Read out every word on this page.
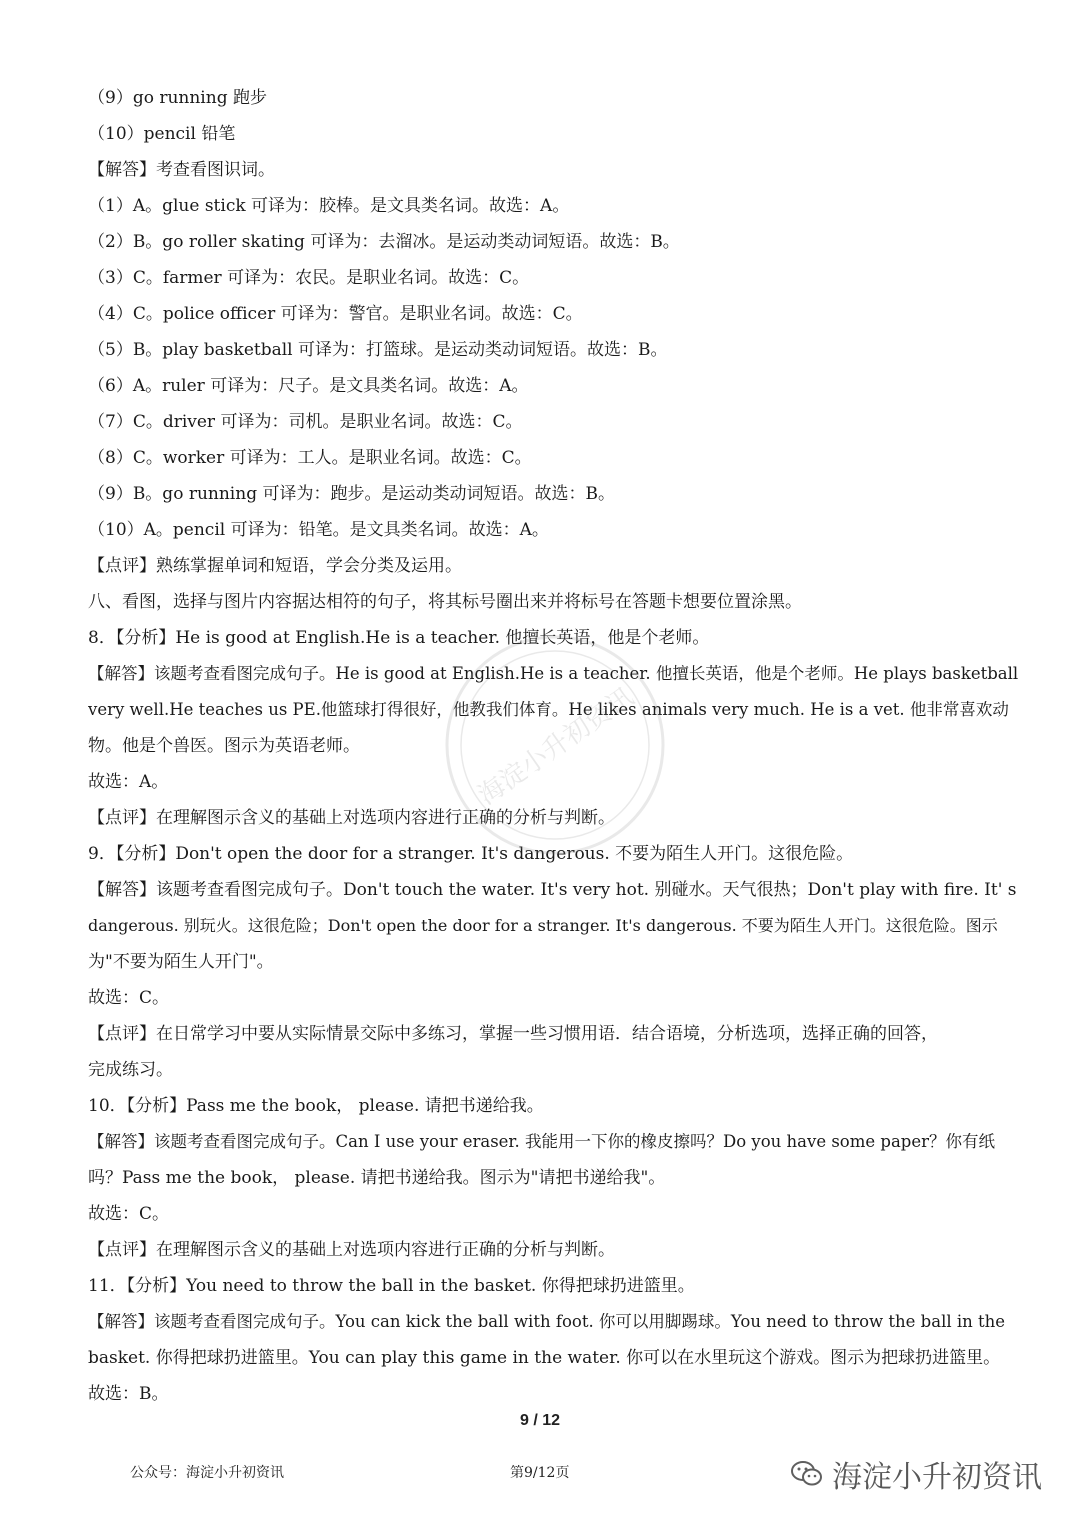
（9）go running 跑步
（10）pencil 铅笔
【解答】考查看图识词。
（1）A。glue stick 可译为：胶棒。是文具类名词。故选：A。
（2）B。go roller skating 可译为：去溜冰。是运动类动词短语。故选：B。
（3）C。farmer 可译为：农民。是职业名词。故选：C。
（4）C。police officer 可译为：警官。是职业名词。故选：C。
（5）B。play basketball 可译为：打篮球。是运动类动词短语。故选：B。
（6）A。ruler 可译为：尺子。是文具类名词。故选：A。
（7）C。driver 可译为：司机。是职业名词。故选：C。
（8）C。worker 可译为：工人。是职业名词。故选：C。
（9）B。go running 可译为：跑步。是运动类动词短语。故选：B。
（10）A。pencil 可译为：铅笔。是文具类名词。故选：A。
【点评】熟练掌握单词和短语，学会分类及运用。
八、看图，选择与图片内容据达相符的句子，将其标号圈出来并将标号在答题卡想要位置涂黑。
8．【分析】He is good at English.He is a teacher. 他擅长英语，他是个老师。
【解答】该题考查看图完成句子。He is good at English.He is a teacher. 他擅长英语，他是个老师。He plays basketball
very well.He teaches us PE.他篮球打得很好，他教我们体育。He likes animals very much. He is a vet. 他非常喜欢动
物。他是个兽医。图示为英语老师。
故选：A。
【点评】在理解图示含义的基础上对选项内容进行正确的分析与判断。
9．【分析】Don't open the door for a stranger. It's dangerous. 不要为陌生人开门。这很危险。
【解答】该题考查看图完成句子。Don't touch the water. It's very hot. 别碰水。天气很热；Don't play with fire. It' s
dangerous. 别玩火。这很危险；Don't open the door for a stranger. It's dangerous. 不要为陌生人开门。这很危险。图示
为"不要为陌生人开门"。
故选：C。
【点评】在日常学习中要从实际情景交际中多练习，掌握一些习惯用语．结合语境，分析选项，选择正确的回答，
完成练习。
10．【分析】Pass me the book， please. 请把书递给我。
【解答】该题考查看图完成句子。Can I use your eraser. 我能用一下你的橡皮擦吗？Do you have some paper？你有纸
吗？Pass me the book， please. 请把书递给我。图示为"请把书递给我"。
故选：C。
【点评】在理解图示含义的基础上对选项内容进行正确的分析与判断。
11．【分析】You need to throw the ball in the basket. 你得把球扔进篮里。
【解答】该题考查看图完成句子。You can kick the ball with foot. 你可以用脚踢球。You need to throw the ball in the
basket. 你得把球扔进篮里。You can play this game in the water. 你可以在水里玩这个游戏。图示为把球扔进篮里。
故选：B。
海淀小升初资讯
9 / 12
公众号：海淀小升初资讯	第9/12页	海淀小升初资讯
